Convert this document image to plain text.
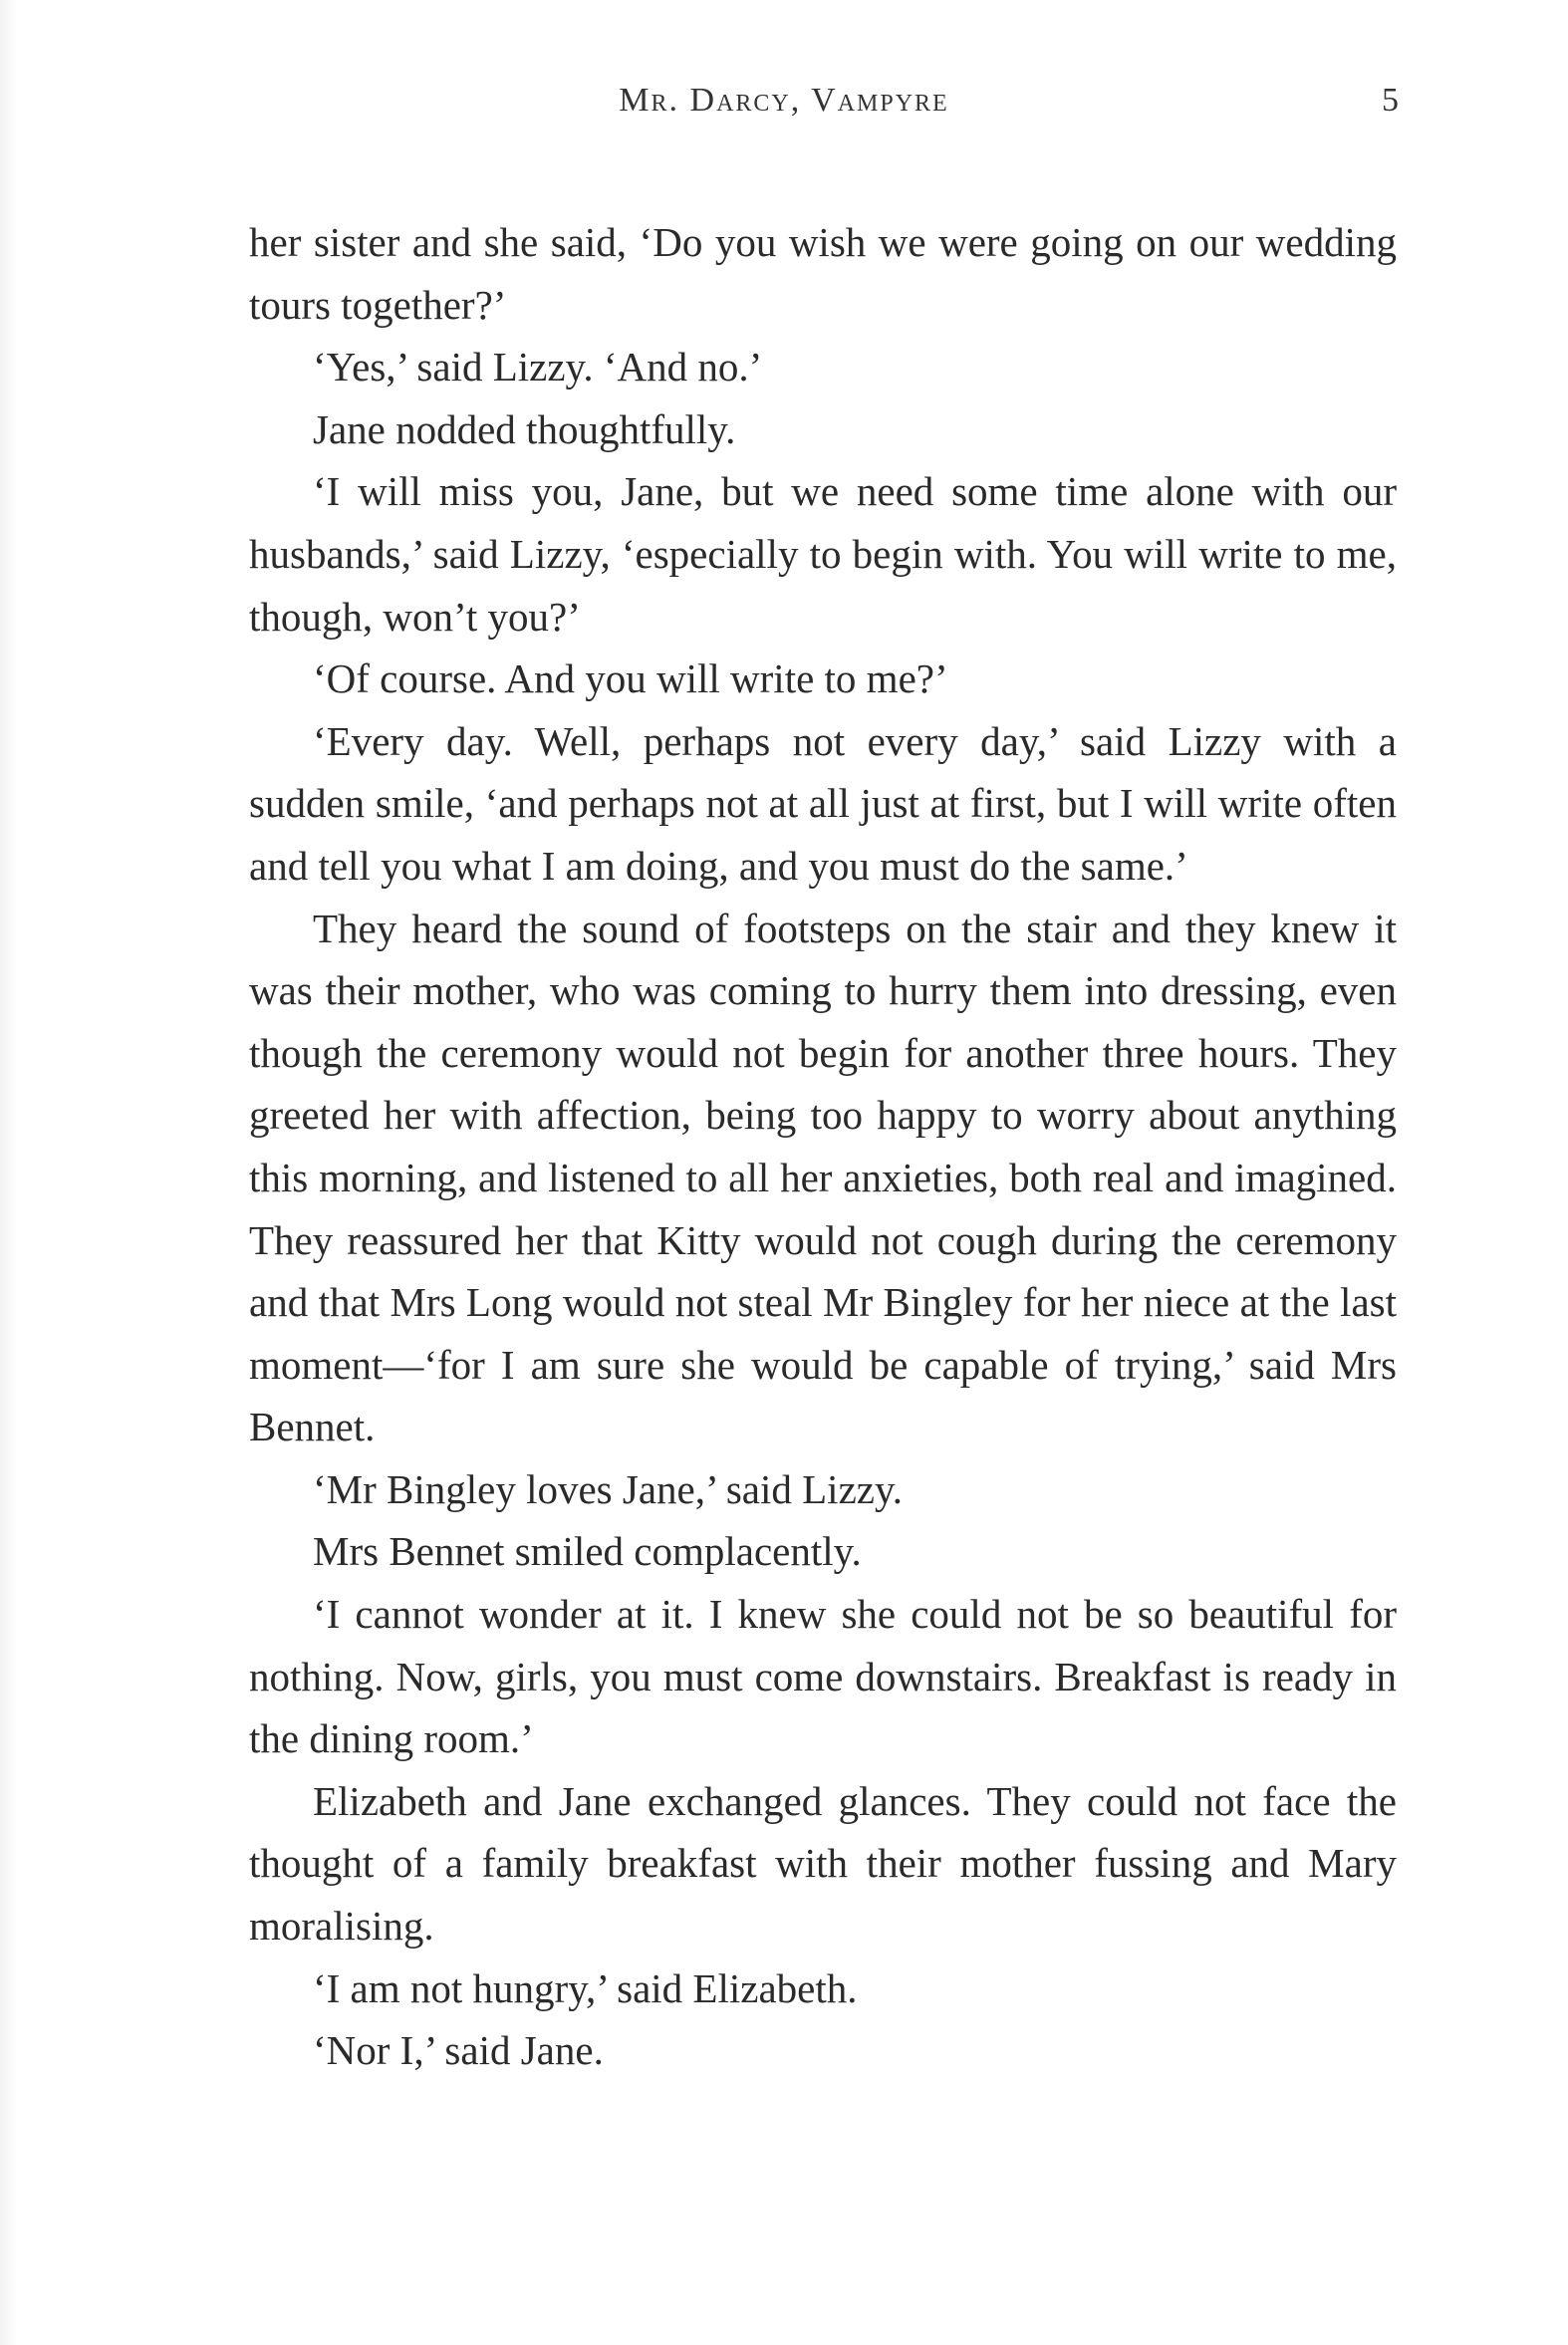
Mr. Darcy, Vampyre	5

her sister and she said, ‘Do you wish we were going on our wedding tours together?’

‘Yes,’ said Lizzy. ‘And no.’

Jane nodded thoughtfully.

‘I will miss you, Jane, but we need some time alone with our husbands,’ said Lizzy, ‘especially to begin with. You will write to me, though, won’t you?’

‘Of course. And you will write to me?’

‘Every day. Well, perhaps not every day,’ said Lizzy with a sudden smile, ‘and perhaps not at all just at first, but I will write often and tell you what I am doing, and you must do the same.’

They heard the sound of footsteps on the stair and they knew it was their mother, who was coming to hurry them into dressing, even though the ceremony would not begin for another three hours. They greeted her with affection, being too happy to worry about anything this morning, and listened to all her anxieties, both real and imagined. They reassured her that Kitty would not cough during the ceremony and that Mrs Long would not steal Mr Bingley for her niece at the last moment—‘for I am sure she would be capable of trying,’ said Mrs Bennet.

‘Mr Bingley loves Jane,’ said Lizzy.

Mrs Bennet smiled complacently.

‘I cannot wonder at it. I knew she could not be so beautiful for nothing. Now, girls, you must come downstairs. Breakfast is ready in the dining room.’

Elizabeth and Jane exchanged glances. They could not face the thought of a family breakfast with their mother fussing and Mary moralising.

‘I am not hungry,’ said Elizabeth.

‘Nor I,’ said Jane.
